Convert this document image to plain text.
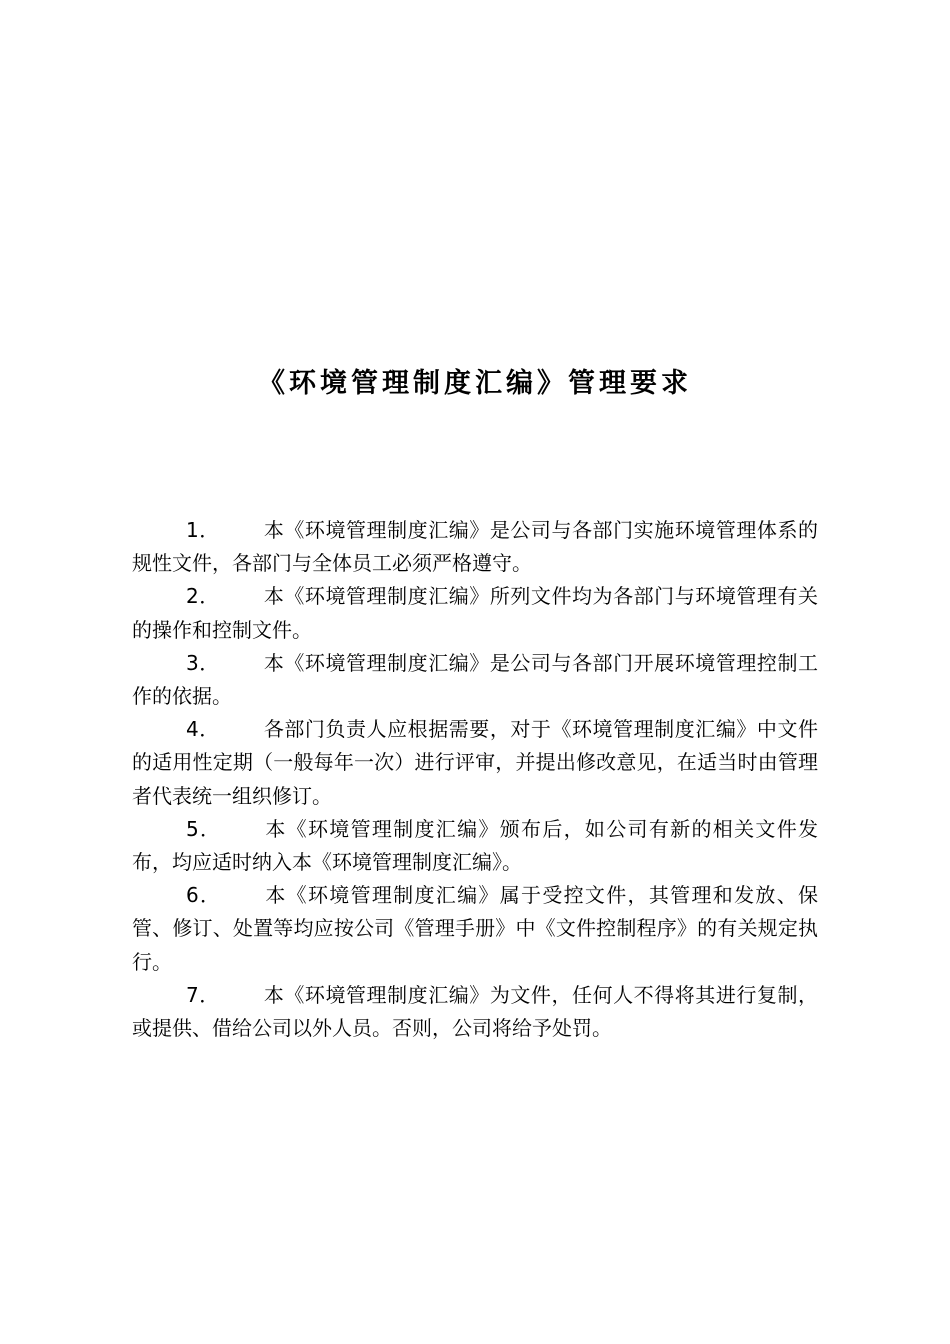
《环境管理制度汇编》管理要求

1． 本《环境管理制度汇编》是公司与各部门实施环境管理体系的规性文件，各部门与全体员工必须严格遵守。

2． 本《环境管理制度汇编》所列文件均为各部门与环境管理有关的操作和控制文件。

3． 本《环境管理制度汇编》是公司与各部门开展环境管理控制工作的依据。

4． 各部门负责人应根据需要，对于《环境管理制度汇编》中文件的适用性定期（一般每年一次）进行评审，并提出修改意见，在适当时由管理者代表统一组织修订。

5． 本《环境管理制度汇编》颁布后，如公司有新的相关文件发布，均应适时纳入本《环境管理制度汇编》。

6． 本《环境管理制度汇编》属于受控文件，其管理和发放、保管、修订、处置等均应按公司《管理手册》中《文件控制程序》的有关规定执行。

7． 本《环境管理制度汇编》为文件，任何人不得将其进行复制，或提供、借给公司以外人员。否则，公司将给予处罚。
